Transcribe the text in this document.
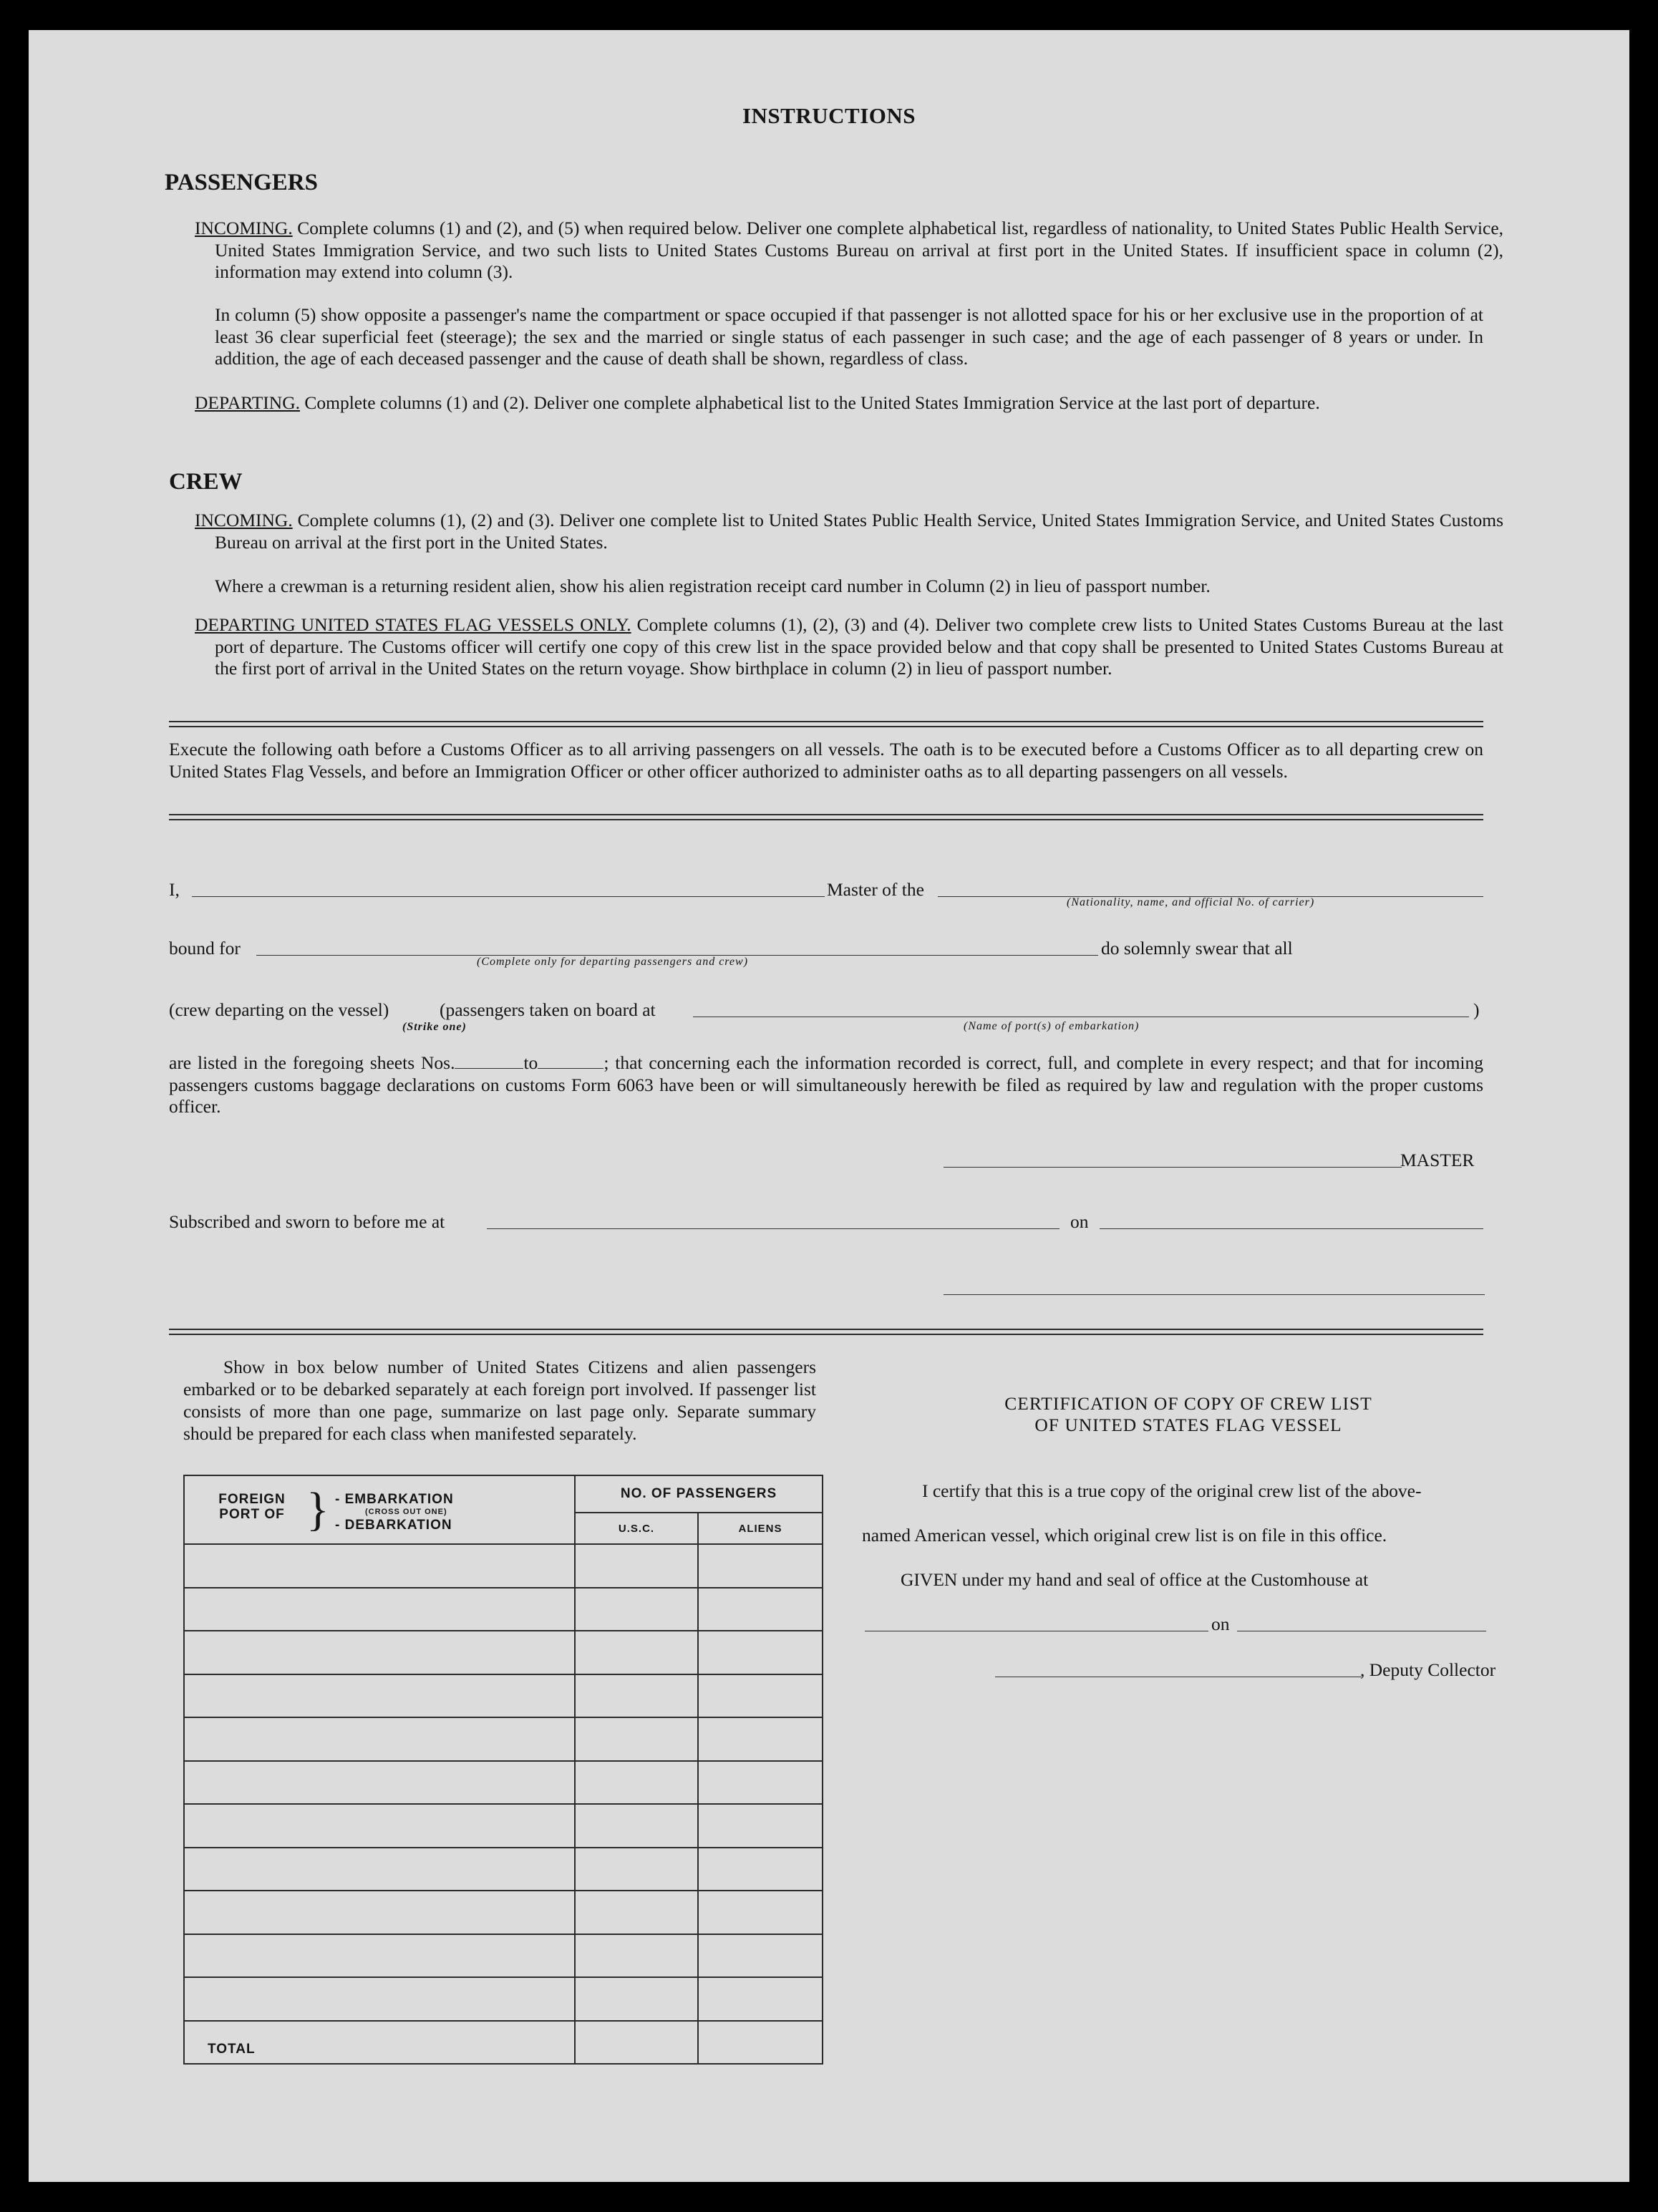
INSTRUCTIONS
PASSENGERS
INCOMING. Complete columns (1) and (2), and (5) when required below. Deliver one complete alphabetical list, regardless of nationality, to United States Public Health Service, United States Immigration Service, and two such lists to United States Customs Bureau on arrival at first port in the United States. If insufficient space in column (2), information may extend into column (3).
In column (5) show opposite a passenger's name the compartment or space occupied if that passenger is not allotted space for his or her exclusive use in the proportion of at least 36 clear superficial feet (steerage); the sex and the married or single status of each passenger in such case; and the age of each passenger of 8 years or under. In addition, the age of each deceased passenger and the cause of death shall be shown, regardless of class.
DEPARTING. Complete columns (1) and (2). Deliver one complete alphabetical list to the United States Immigration Service at the last port of departure.
CREW
INCOMING. Complete columns (1), (2) and (3). Deliver one complete list to United States Public Health Service, United States Immigration Service, and United States Customs Bureau on arrival at the first port in the United States.
Where a crewman is a returning resident alien, show his alien registration receipt card number in Column (2) in lieu of passport number.
DEPARTING UNITED STATES FLAG VESSELS ONLY. Complete columns (1), (2), (3) and (4). Deliver two complete crew lists to United States Customs Bureau at the last port of departure. The Customs officer will certify one copy of this crew list in the space provided below and that copy shall be presented to United States Customs Bureau at the first port of arrival in the United States on the return voyage. Show birthplace in column (2) in lieu of passport number.
Execute the following oath before a Customs Officer as to all arriving passengers on all vessels. The oath is to be executed before a Customs Officer as to all departing crew on United States Flag Vessels, and before an Immigration Officer or other officer authorized to administer oaths as to all departing passengers on all vessels.
I,	Master of the
(Nationality, name, and official No. of carrier)
bound for
(Complete only for departing passengers and crew)
do solemnly swear that all
(crew departing on the vessel)	(passengers taken on board at
(Strike one)	(Name of port(s) of embarkation)
)
are listed in the foregoing sheets Nos.	to	; that concerning each the information recorded is correct, full, and complete in every respect; and that for incoming passengers customs baggage declarations on customs Form 6063 have been or will simultaneously herewith be filed as required by law and regulation with the proper customs officer.
MASTER
Subscribed and sworn to before me at	on
Show in box below number of United States Citizens and alien passengers embarked or to be debarked separately at each foreign port involved. If passenger list consists of more than one page, summarize on last page only. Separate summary should be prepared for each class when manifested separately.
FOREIGN PORT OF } - EMBARKATION
(CROSS OUT ONE)
- DEBARKATION	NO. OF PASSENGERS	
	U.S.C.	ALIENS

TOTAL		
CERTIFICATION OF COPY OF CREW LIST
OF UNITED STATES FLAG VESSEL
I certify that this is a true copy of the original crew list of the above-
named American vessel, which original crew list is on file in this office.
GIVEN under my hand and seal of office at the Customhouse at
on
, Deputy Collector
